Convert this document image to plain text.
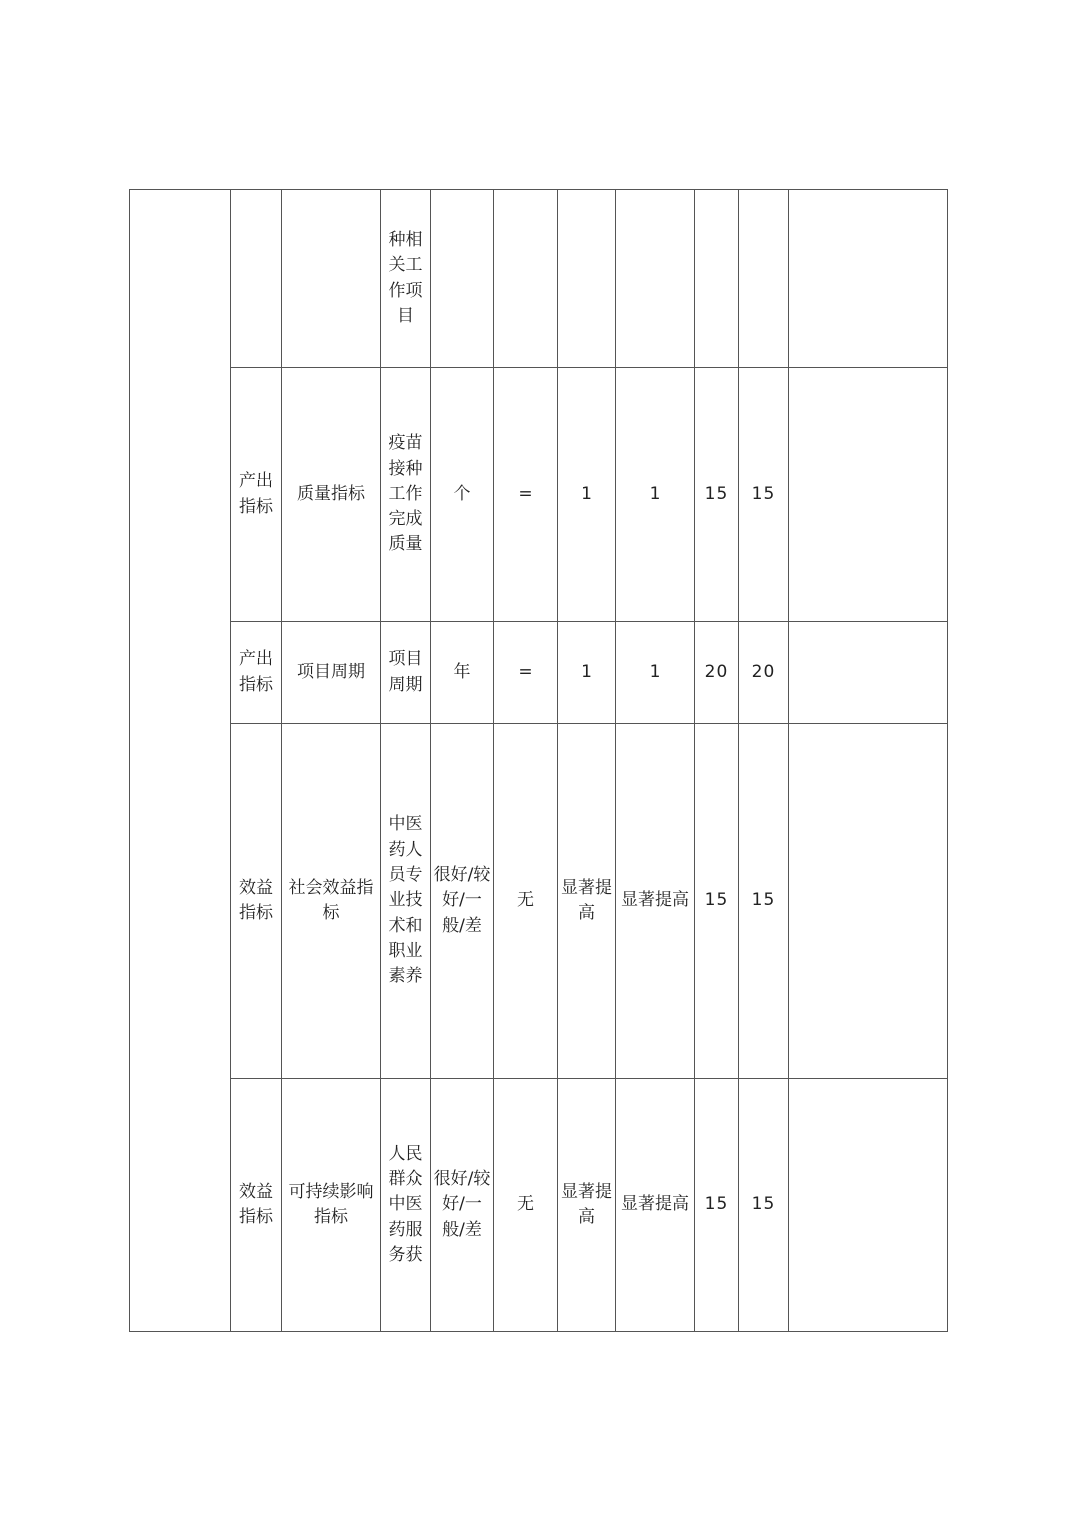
			种相关工作项目							
	产出指标	质量指标	疫苗接种工作完成质量	个	=	1	1	15	15	
	产出指标	项目周期	项目周期	年	=	1	1	20	20	
	效益指标	社会效益指标	中医药人员专业技术和职业素养	很好/较好/一般/差	无	显著提高	显著提高	15	15	
	效益指标	可持续影响指标	人民群众中医药服务获	很好/较好/一般/差	无	显著提高	显著提高	15	15	
